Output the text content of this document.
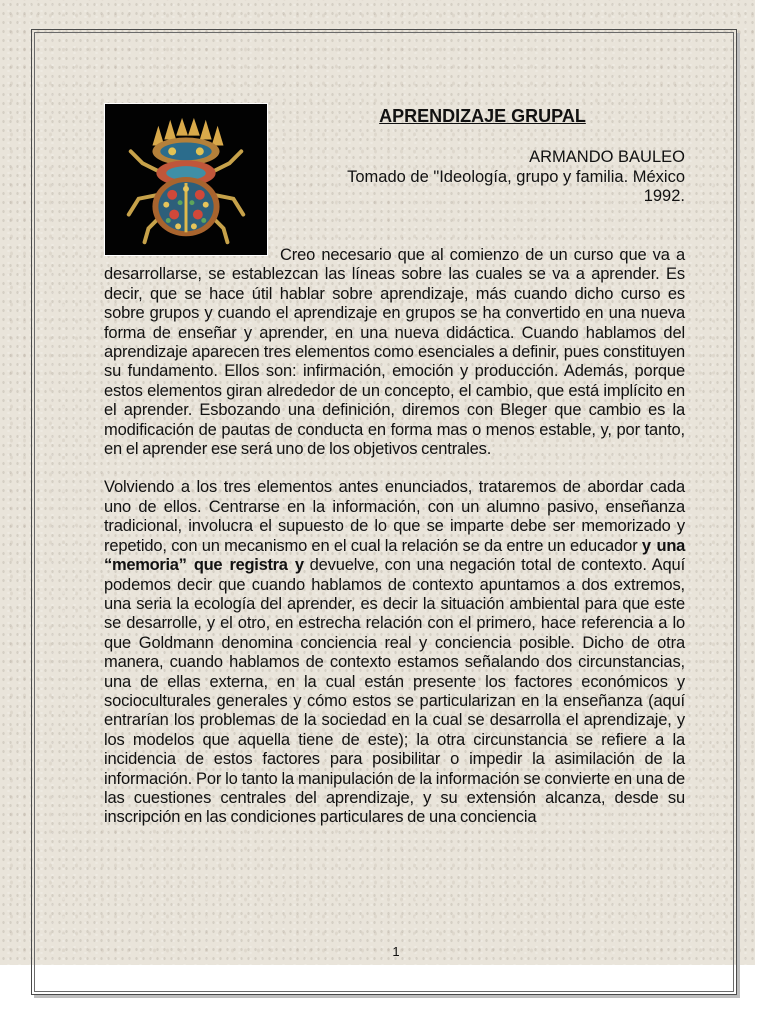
APRENDIZAJE GRUPAL
ARMANDO BAULEO
Tomado de "Ideología, grupo y familia. México
1992.

Creo necesario que al comienzo de un curso que va a desarrollarse, se establezcan las líneas sobre las cuales se va a aprender. Es decir, que se hace útil hablar sobre aprendizaje, más cuando dicho curso es sobre grupos y cuando el aprendizaje en grupos se ha convertido en una nueva forma de enseñar y aprender, en una nueva didáctica. Cuando hablamos del aprendizaje aparecen tres elementos como esenciales a definir, pues constituyen su fundamento. Ellos son: infirmación, emoción y producción. Además, porque estos elementos giran alrededor de un concepto, el cambio, que está implícito en el aprender. Esbozando una definición, diremos con Bleger que cambio es la modificación de pautas de conducta en forma mas o menos estable, y, por tanto, en el aprender ese será uno de los objetivos centrales.

Volviendo a los tres elementos antes enunciados, trataremos de abordar cada uno de ellos. Centrarse en la información, con un alumno pasivo, enseñanza tradicional, involucra el supuesto de lo que se imparte debe ser memorizado y repetido, con un mecanismo en el cual la relación se da entre un educador y una “memoria” que registra y devuelve, con una negación total de contexto. Aquí podemos decir que cuando hablamos de contexto apuntamos a dos extremos, una seria la ecología del aprender, es decir la situación ambiental para que este se desarrolle, y el otro, en estrecha relación con el primero, hace referencia a lo que Goldmann denomina conciencia real y conciencia posible. Dicho de otra manera, cuando hablamos de contexto estamos señalando dos circunstancias, una de ellas externa, en la cual están presente los factores económicos y socioculturales generales y cómo estos se particularizan en la enseñanza (aquí entrarían los problemas de la sociedad en la cual se desarrolla el aprendizaje, y los modelos que aquella tiene de este); la otra circunstancia se refiere a la incidencia de estos factores para posibilitar o impedir la asimilación de la información. Por lo tanto la manipulación de la información se convierte en una de las cuestiones centrales del aprendizaje, y su extensión alcanza, desde su inscripción en las condiciones particulares de una conciencia

1
